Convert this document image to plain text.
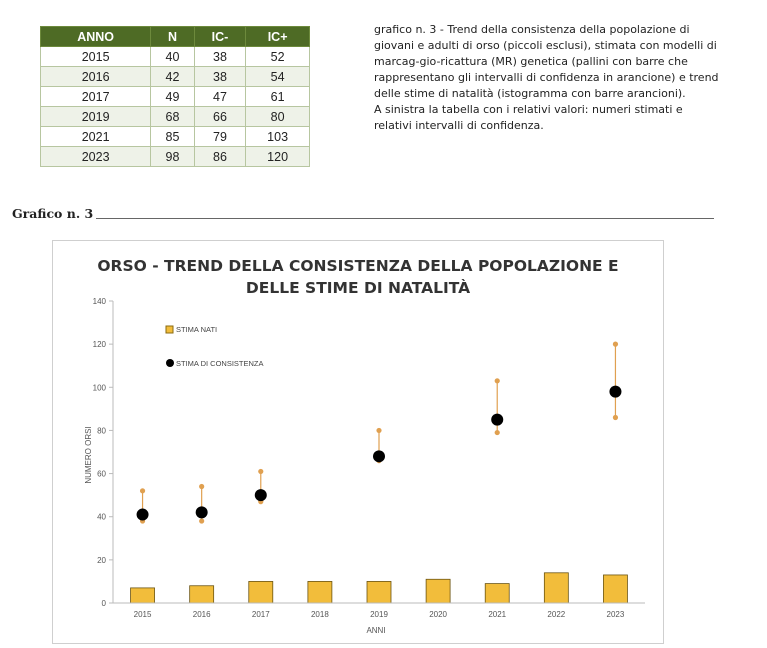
ANNO	N	IC-	IC+
2015	40	38	52
2016	42	38	54
2017	49	47	61
2019	68	66	80
2021	85	79	103
2023	98	86	120

grafico n. 3 - Trend della consistenza della popolazione di giovani e adulti di orso (piccoli esclusi), stimata con modelli di marcag-gio-ricattura (MR) genetica (pallini con barre che rappresentano gli intervalli di confidenza in arancione) e trend delle stime di natalità (istogramma con barre arancioni).

A sinistra la tabella con i relativi valori: numeri stimati e relativi intervalli di confidenza.

Grafico n. 3
ORSO - TREND DELLA CONSISTENZA DELLA POPOLAZIONE E
DELLE STIME DI NATALITÀ
0
20
40
60
80
100
120
140
2015	2016	2017	2018	2019	2020	2021	2022	2023
NUMERO ORSI
ANNI
STIMA NATI
STIMA DI CONSISTENZA
